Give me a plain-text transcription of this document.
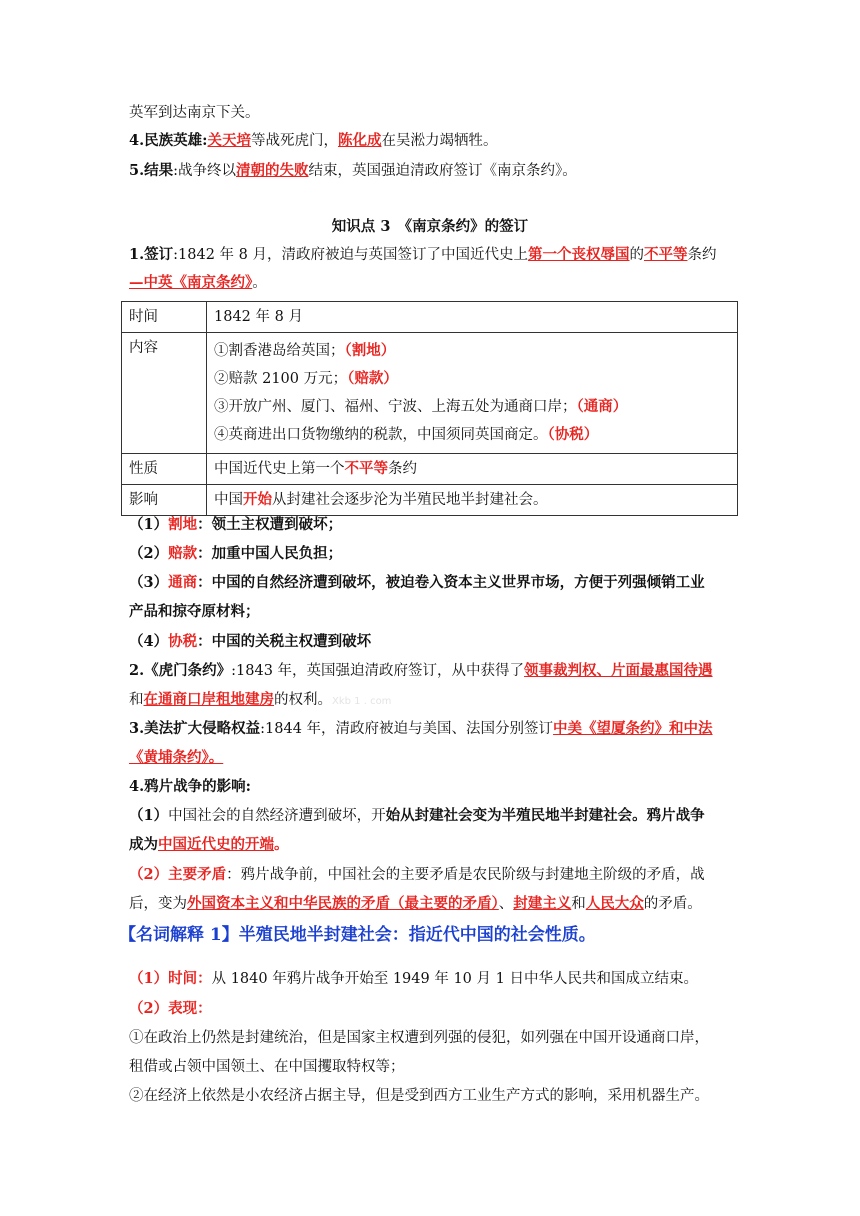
英军到达南京下关。
4.民族英雄:关天培等战死虎门，陈化成在吴淞力竭牺牲。
5.结果:战争终以清朝的失败结束，英国强迫清政府签订《南京条约》。
知识点 3　《南京条约》的签订
1.签订:1842 年 8 月，清政府被迫与英国签订了中国近代史上第一个丧权辱国的不平等条约
—中英《南京条约》。
时间	1842 年 8 月
内容	①割香港岛给英国；（割地）
②赔款 2100 万元；（赔款）
③开放广州、厦门、福州、宁波、上海五处为通商口岸；（通商）
④英商进出口货物缴纳的税款，中国须同英国商定。（协税）

性质	中国近代史上第一个不平等条约
影响	中国开始从封建社会逐步沦为半殖民地半封建社会。
（1）割地：领土主权遭到破坏；
（2）赔款：加重中国人民负担；
（3）通商：中国的自然经济遭到破坏，被迫卷入资本主义世界市场，方便于列强倾销工业
产品和掠夺原材料；
（4）协税：中国的关税主权遭到破坏
2.《虎门条约》:1843 年，英国强迫清政府签订，从中获得了领事裁判权、片面最惠国待遇
和在通商口岸租地建房的权利。Xkb 1 . com
3.美法扩大侵略权益:1844 年，清政府被迫与美国、法国分别签订中美《望厦条约》和中法
《黄埔条约》。
4.鸦片战争的影响:
（1）中国社会的自然经济遭到破坏，开始从封建社会变为半殖民地半封建社会。鸦片战争
成为中国近代史的开端。
（2）主要矛盾：鸦片战争前，中国社会的主要矛盾是农民阶级与封建地主阶级的矛盾，战
后，变为外国资本主义和中华民族的矛盾（最主要的矛盾）、封建主义和人民大众的矛盾。
【名词解释 1】半殖民地半封建社会：指近代中国的社会性质。
（1）时间：从 1840 年鸦片战争开始至 1949 年 10 月 1 日中华人民共和国成立结束。
（2）表现：
①在政治上仍然是封建统治，但是国家主权遭到列强的侵犯，如列强在中国开设通商口岸，
租借或占领中国领土、在中国攫取特权等；
②在经济上依然是小农经济占据主导，但是受到西方工业生产方式的影响，采用机器生产。
